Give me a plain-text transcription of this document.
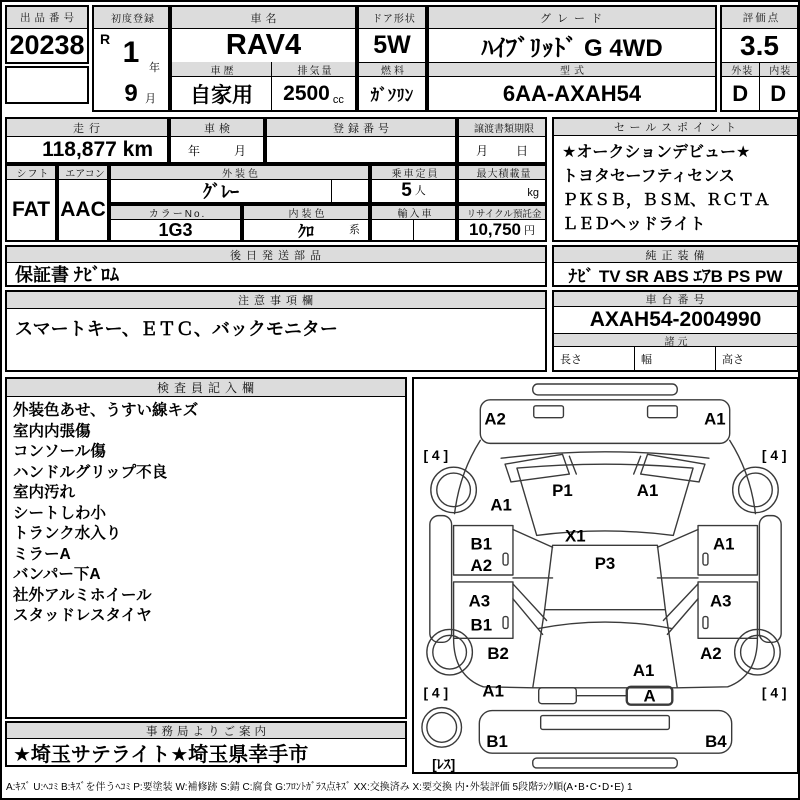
出品番号
20238
初度登録
R 1 年
9 月
車名
RAV4
車歴
自家用
排気量
2500 cc
ドア形状
5W
燃料
ｶﾞｿﾘﾝ
グレード
ﾊｲﾌﾞﾘｯﾄﾞ G 4WD
型式
6AA-AXAH54
評価点
3.5
外装
D
内装
D
走行
118,877 km
車検
年	月
登録番号	譲渡書類期限
月 日
セールスポイント
★オークションデビュー★
トヨタセーフティセンス
ＰＫＳＢ，ＢＳＭ、ＲＣＴＡ
ＬＥＤヘッドライト
シフト
FAT
エアコン
AAC
外装色
ｸﾞﾚｰ
カラーNo.
1G3
内装色
ｸﾛ	系
乗車定員
5 人
輸入車
最大積載量
kg
リサイクル預託金
10,750 円
後日発送部品
保証書 ﾅﾋﾞﾛﾑ
純正装備
ﾅﾋﾞ TV SR ABS ｴｱB PS PW
注意事項欄
スマートキー、ＥＴＣ、バックモニター
車台番号
AXAH54-2004990
諸元
長さ	幅	高さ
検査員記入欄
外装色あせ、うすい線キズ
室内内張傷
コンソール傷
ハンドルグリップ不良
室内汚れ
シートしわ小
トランク水入り
ミラーA
バンパー下A
社外アルミホイール
スタッドレスタイヤ
事務局よりご案内
★埼玉サテライト★埼玉県幸手市
A2	A1
[ 4 ]	[ 4 ]
A1
P1	A1
X1
B1
A2
A1
P3
A3	A3
B1
B2	A2
A1
A1
A
[ 4 ]	[ 4 ]
B1	B4
[ﾚｽ]
A:ｷｽﾞ U:ﾍｺﾐ B:ｷｽﾞを伴うﾍｺﾐ P:要塗装 W:補修跡 S:錆 C:腐食 G:ﾌﾛﾝﾄｶﾞﾗｽ点ｷｽﾞ XX:交換済み X:要交換 内･外装評価 5段階ﾗﾝｸ順(A･B･C･D･E) 1
